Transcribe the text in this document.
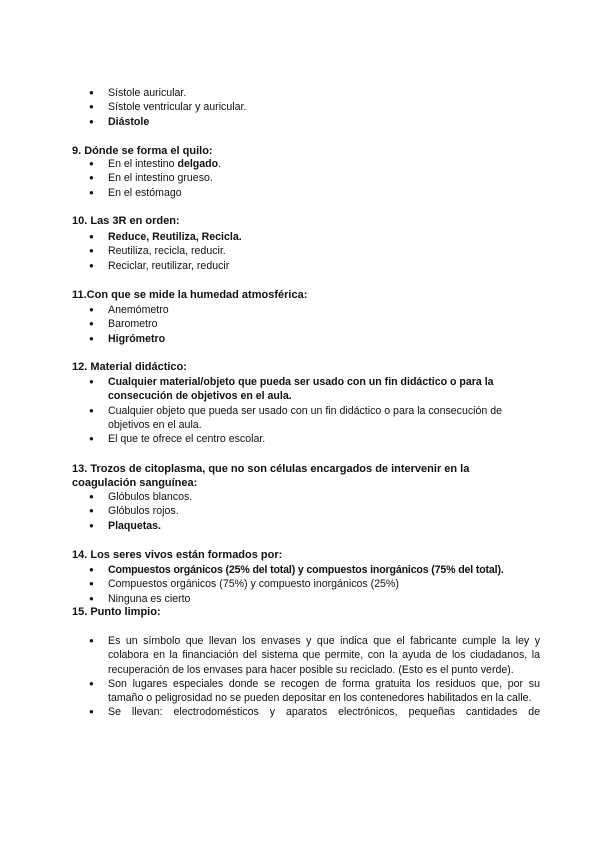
● Sístole auricular.
● Sístole ventricular y auricular.
● Diástole

9. Dónde se forma el quilo:

● En el intestino delgado.
● En el intestino grueso.
● En el estómago

10. Las 3R en orden:

● Reduce, Reutiliza, Recicla.
● Reutiliza, recicla, reducir.
● Reciclar, reutilizar, reducir

11.Con que se mide la humedad atmosférica:

● Anemómetro
● Barometro
● Higrómetro

12. Material didáctico:

● Cualquier material/objeto que pueda ser usado con un fin didáctico o para la consecución de objetivos en el aula.
● Cualquier objeto que pueda ser usado con un fin didáctico o para la consecución de objetivos en el aula.
● El que te ofrece el centro escolar.

13. Trozos de citoplasma, que no son células encargados de intervenir en la coagulación sanguínea:

● Glóbulos blancos.
● Glóbulos rojos.
● Plaquetas.

14. Los seres vivos están formados por:

● Compuestos orgánicos (25% del total) y compuestos inorgánicos (75% del total).
● Compuestos orgánicos (75%) y compuesto inorgánicos (25%)
● Ninguna es cierto

15. Punto limpio:

● Es un símbolo que llevan los envases y que indica que el fabricante cumple la ley y colabora en la financiación del sistema que permite, con la ayuda de los ciudadanos, la recuperación de los envases para hacer posible su reciclado. (Esto es el punto verde).
● Son lugares especiales donde se recogen de forma gratuita los residuos que, por su tamaño o peligrosidad no se pueden depositar en los contenedores habilitados en la calle.
● Se llevan: electrodomésticos y aparatos electrónicos, pequeñas cantidades de
